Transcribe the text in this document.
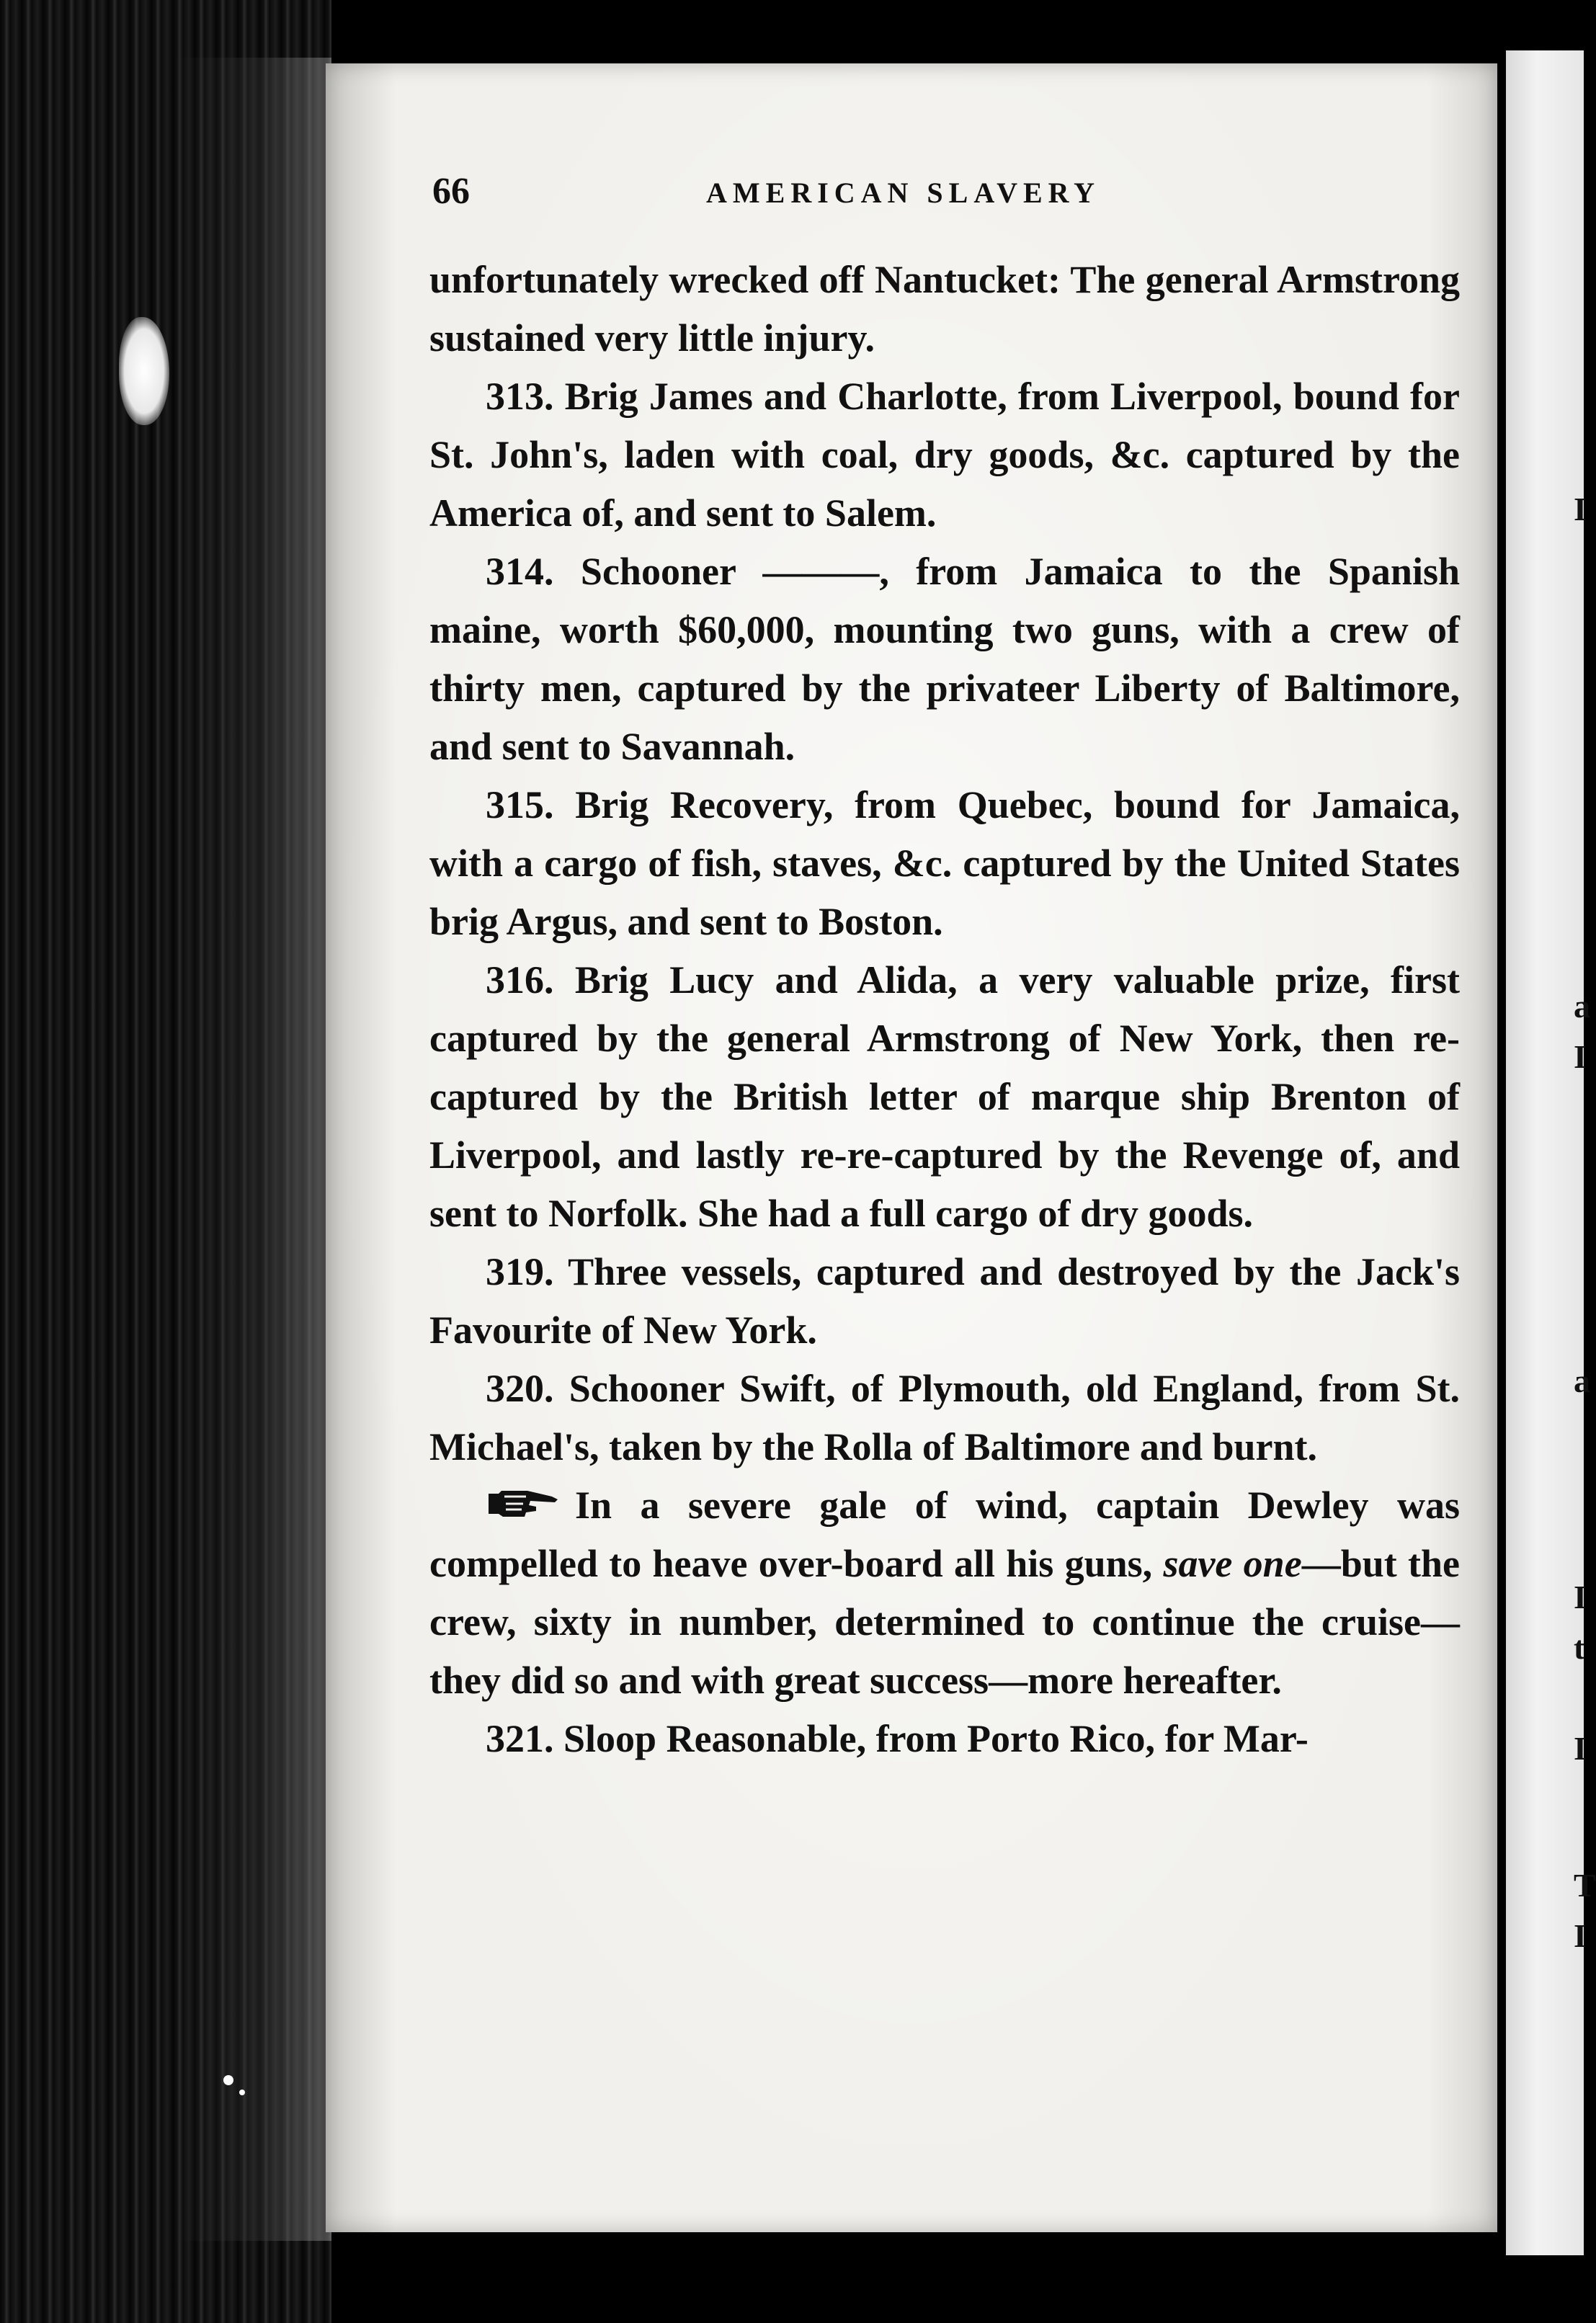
I
a
I
a
I
t
I
T
I
66	AMERICAN SLAVERY

unfortunately wrecked off Nantucket: The general Armstrong sustained very little injury.

313. Brig James and Charlotte, from Liverpool, bound for St. John's, laden with coal, dry goods, &c. captured by the America of, and sent to Salem.

314. Schooner ———, from Jamaica to the Spanish maine, worth $60,000, mounting two guns, with a crew of thirty men, captured by the privateer Liberty of Baltimore, and sent to Savannah.

315. Brig Recovery, from Quebec, bound for Jamaica, with a cargo of fish, staves, &c. captured by the United States brig Argus, and sent to Boston.

316. Brig Lucy and Alida, a very valuable prize, first captured by the general Armstrong of New York, then re-captured by the British letter of marque ship Brenton of Liverpool, and lastly re-re-captured by the Revenge of, and sent to Norfolk. She had a full cargo of dry goods.

319. Three vessels, captured and destroyed by the Jack's Favourite of New York.

320. Schooner Swift, of Plymouth, old England, from St. Michael's, taken by the Rolla of Baltimore and burnt.

In a severe gale of wind, captain Dewley was compelled to heave over-board all his guns, save one—but the crew, sixty in number, determined to continue the cruise—they did so and with great success—more hereafter.

321. Sloop Reasonable, from Porto Rico, for Mar-
